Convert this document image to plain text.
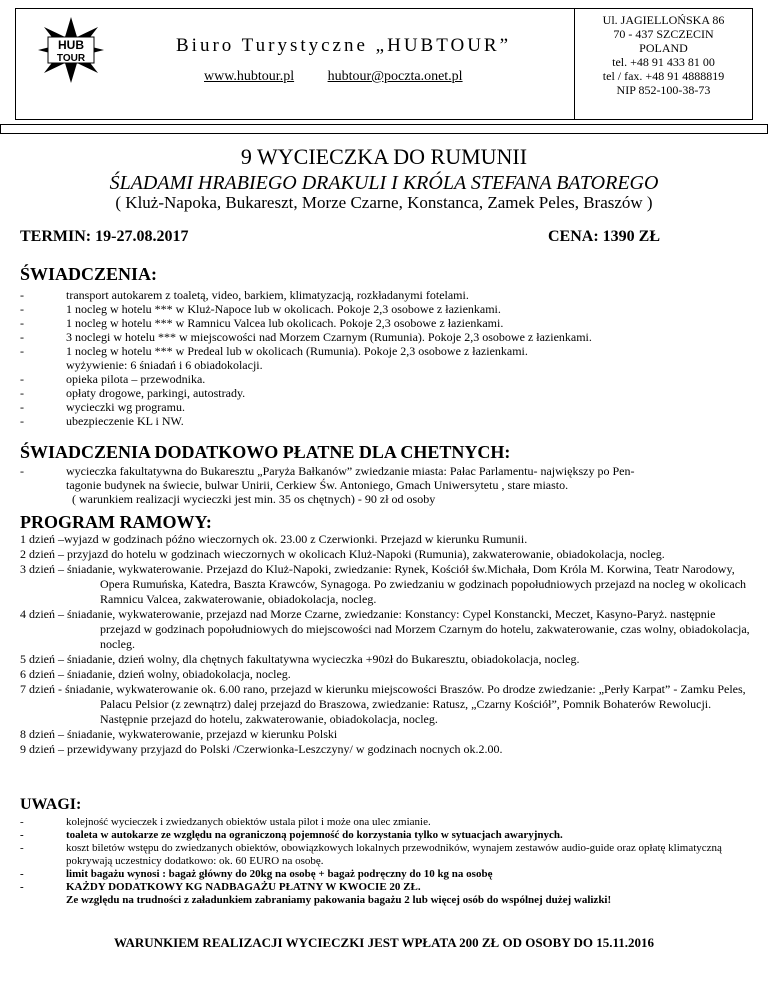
HUB
TOUR
Biuro Turystyczne „HUBTOUR”
www.hubtour.pl hubtour@poczta.onet.pl
Ul. JAGIELLOŃSKA 86
70 - 437 SZCZECIN
POLAND
tel. +48 91 433 81 00
tel / fax. +48 91 4888819
NIP 852-100-38-73
9 WYCIECZKA DO RUMUNII
ŚLADAMI HRABIEGO DRAKULI I KRÓLA STEFANA BATOREGO
( Kluż-Napoka, Bukareszt, Morze Czarne, Konstanca, Zamek Peles, Braszów )
TERMIN: 19-27.08.2017	CENA: 1390 ZŁ
ŚWIADCZENIA:
-	transport autokarem z toaletą, video, barkiem, klimatyzacją, rozkładanymi fotelami.
-	1 nocleg w hotelu *** w Kluż-Napoce lub w okolicach. Pokoje 2,3 osobowe z łazienkami.
-	1 nocleg w hotelu *** w Ramnicu Valcea lub okolicach. Pokoje 2,3 osobowe z łazienkami.
-	3 noclegi w hotelu *** w miejscowości nad Morzem Czarnym (Rumunia). Pokoje 2,3 osobowe z łazienkami.
-	1 nocleg w hotelu *** w Predeal lub w okolicach (Rumunia). Pokoje 2,3 osobowe z łazienkami.
wyżywienie: 6 śniadań i 6 obiadokolacji.
-	opieka pilota – przewodnika.
-	opłaty drogowe, parkingi, autostrady.
-	wycieczki wg programu.
-	ubezpieczenie KL i NW.
ŚWIADCZENIA DODATKOWO PŁATNE DLA CHETNYCH:
-	wycieczka fakultatywna do Bukaresztu „Paryża Bałkanów” zwiedzanie miasta: Pałac Parlamentu- największy po Pen-
tagonie budynek na świecie, bulwar Unirii, Cerkiew Św. Antoniego, Gmach Uniwersytetu , stare miasto.
( warunkiem realizacji wycieczki jest min. 35 os chętnych) - 90 zł od osoby
PROGRAM RAMOWY:
1 dzień –wyjazd w godzinach późno wieczornych ok. 23.00 z Czerwionki. Przejazd w kierunku Rumunii.
2 dzień – przyjazd do hotelu w godzinach wieczornych w okolicach Kluż-Napoki (Rumunia), zakwaterowanie, obiadokolacja, nocleg.
3 dzień – śniadanie, wykwaterowanie. Przejazd do Kluż-Napoki, zwiedzanie: Rynek, Kościół św.Michała, Dom Króla M. Korwina, Teatr Narodowy, Opera Rumuńska, Katedra, Baszta Krawców, Synagoga. Po zwiedzaniu w godzinach popołudniowych przejazd na nocleg w okolicach Ramnicu Valcea, zakwaterowanie, obiadokolacja, nocleg.
4 dzień – śniadanie, wykwaterowanie, przejazd nad Morze Czarne, zwiedzanie: Konstancy: Cypel Konstancki, Meczet, Kasyno-Paryż. następnie przejazd w godzinach popołudniowych do miejscowości nad Morzem Czarnym do hotelu, zakwaterowanie, czas wolny, obiadokolacja, nocleg.
5 dzień – śniadanie, dzień wolny, dla chętnych fakultatywna wycieczka +90zł do Bukaresztu, obiadokolacja, nocleg.
6 dzień – śniadanie, dzień wolny, obiadokolacja, nocleg.
7 dzień - śniadanie, wykwaterowanie ok. 6.00 rano, przejazd w kierunku miejscowości Braszów. Po drodze zwiedzanie: „Perły Karpat” - Zamku Peles, Palacu Pelsior (z zewnątrz) dalej przejazd do Braszowa, zwiedzanie: Ratusz, „Czarny Kościół”, Pomnik Bohaterów Rewolucji. Następnie przejazd do hotelu, zakwaterowanie, obiadokolacja, nocleg.
8 dzień – śniadanie, wykwaterowanie, przejazd w kierunku Polski
9 dzień – przewidywany przyjazd do Polski /Czerwionka-Leszczyny/ w godzinach nocnych ok.2.00.
UWAGI:
-	kolejność wycieczek i zwiedzanych obiektów ustala pilot i może ona ulec zmianie.
-	toaleta w autokarze ze względu na ograniczoną pojemność do korzystania tylko w sytuacjach awaryjnych.
-	koszt biletów wstępu do zwiedzanych obiektów, obowiązkowych lokalnych przewodników, wynajem zestawów audio-guide oraz opłatę klimatyczną pokrywają uczestnicy dodatkowo: ok. 60 EURO na osobę.
-	limit bagażu wynosi : bagaż główny do 20kg na osobę + bagaż podręczny do 10 kg na osobę
-	KAŻDY DODATKOWY KG NADBAGAŻU PŁATNY W KWOCIE 20 ZŁ.
Ze względu na trudności z załadunkiem zabraniamy pakowania bagażu 2 lub więcej osób do wspólnej dużej walizki!
WARUNKIEM REALIZACJI WYCIECZKI JEST WPŁATA 200 ZŁ OD OSOBY DO 15.11.2016
